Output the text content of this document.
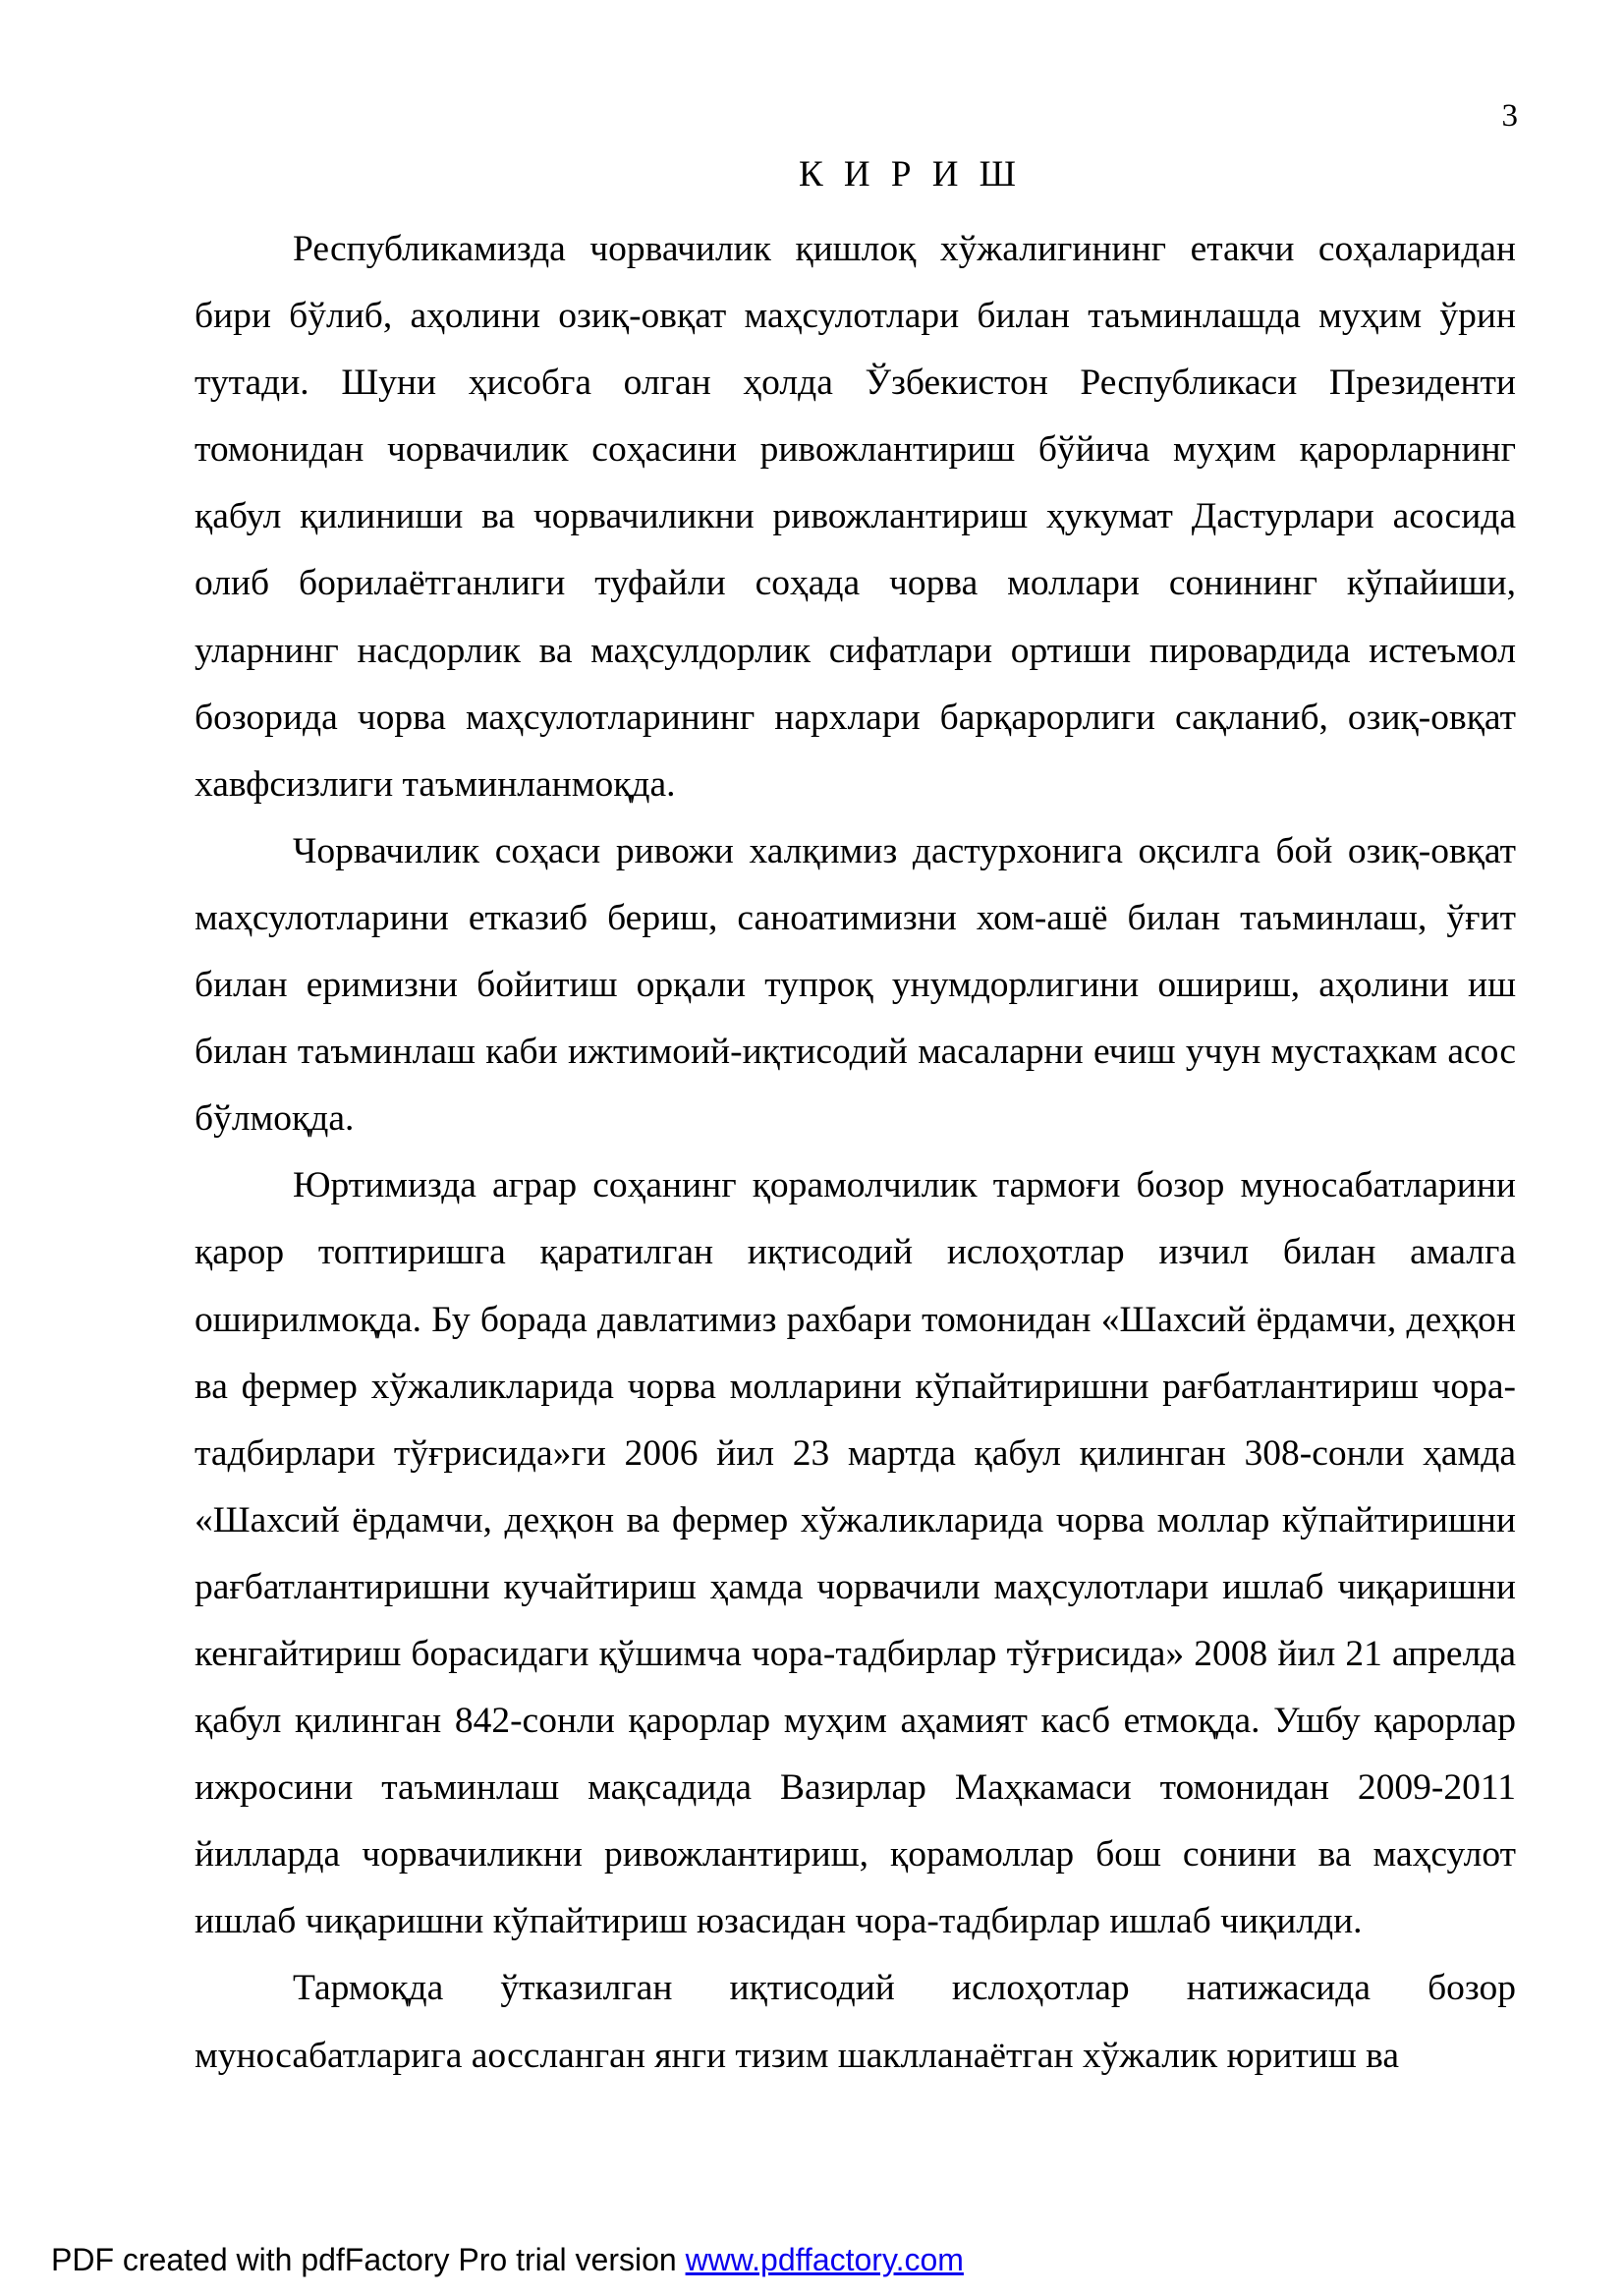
3
К И Р И Ш

Республикамизда чорвачилик қишлоқ хўжалигининг етакчи соҳаларидан бири бўлиб, аҳолини озиқ-овқат маҳсулотлари билан таъминлашда муҳим ўрин тутади. Шуни ҳисобга олган ҳолда Ўзбекистон Республикаси Президенти томонидан чорвачилик соҳасини ривожлантириш бўйича муҳим қарорларнинг қабул қилиниши ва чорвачиликни ривожлантириш ҳукумат Дастурлари асосида олиб борилаётганлиги туфайли соҳада чорва моллари сонининг кўпайиши, уларнинг насдорлик ва маҳсулдорлик сифатлари ортиши пировардида истеъмол бозорида чорва маҳсулотларининг нархлари барқарорлиги сақланиб, озиқ-овқат хавфсизлиги таъминланмоқда.

Чорвачилик соҳаси ривожи халқимиз дастурхонига оқсилга бой озиқ-овқат маҳсулотларини етказиб бериш, саноатимизни хом-ашё билан таъминлаш, ўғит билан еримизни бойитиш орқали тупроқ унумдорлигини ошириш, аҳолини иш билан таъминлаш каби ижтимоий-иқтисодий масаларни ечиш учун мустаҳкам асос бўлмоқда.

Юртимизда аграр соҳанинг қорамолчилик тармоғи бозор муносабатларини қарор топтиришга қаратилган иқтисодий ислоҳотлар изчил билан амалга оширилмоқда. Бу борада давлатимиз рахбари томонидан «Шахсий ёрдамчи, деҳқон ва фермер хўжаликларида чорва молларини кўпайтиришни рағбатлантириш чора-тадбирлари тўғрисида»ги 2006 йил 23 мартда қабул қилинган 308-сонли ҳамда «Шахсий ёрдамчи, деҳқон ва фермер хўжаликларида чорва моллар кўпайтиришни рағбатлантиришни кучайтириш ҳамда чорвачили маҳсулотлари ишлаб чиқаришни кенгайтириш борасидаги қўшимча чора-тадбирлар тўғрисида» 2008 йил 21 апрелда қабул қилинган 842-сонли қарорлар муҳим аҳамият касб етмоқда. Ушбу қарорлар ижросини таъминлаш мақсадида Вазирлар Маҳкамаси томонидан 2009-2011 йилларда чорвачиликни ривожлантириш, қорамоллар бош сонини ва маҳсулот ишлаб чиқаришни кўпайтириш юзасидан чора-тадбирлар ишлаб чиқилди.

Тармоқда ўтказилган иқтисодий ислоҳотлар натижасида бозор муносабатларига аоссланган янги тизим шаклланаётган хўжалик юритиш ва

PDF created with pdfFactory Pro trial version www.pdffactory.com
